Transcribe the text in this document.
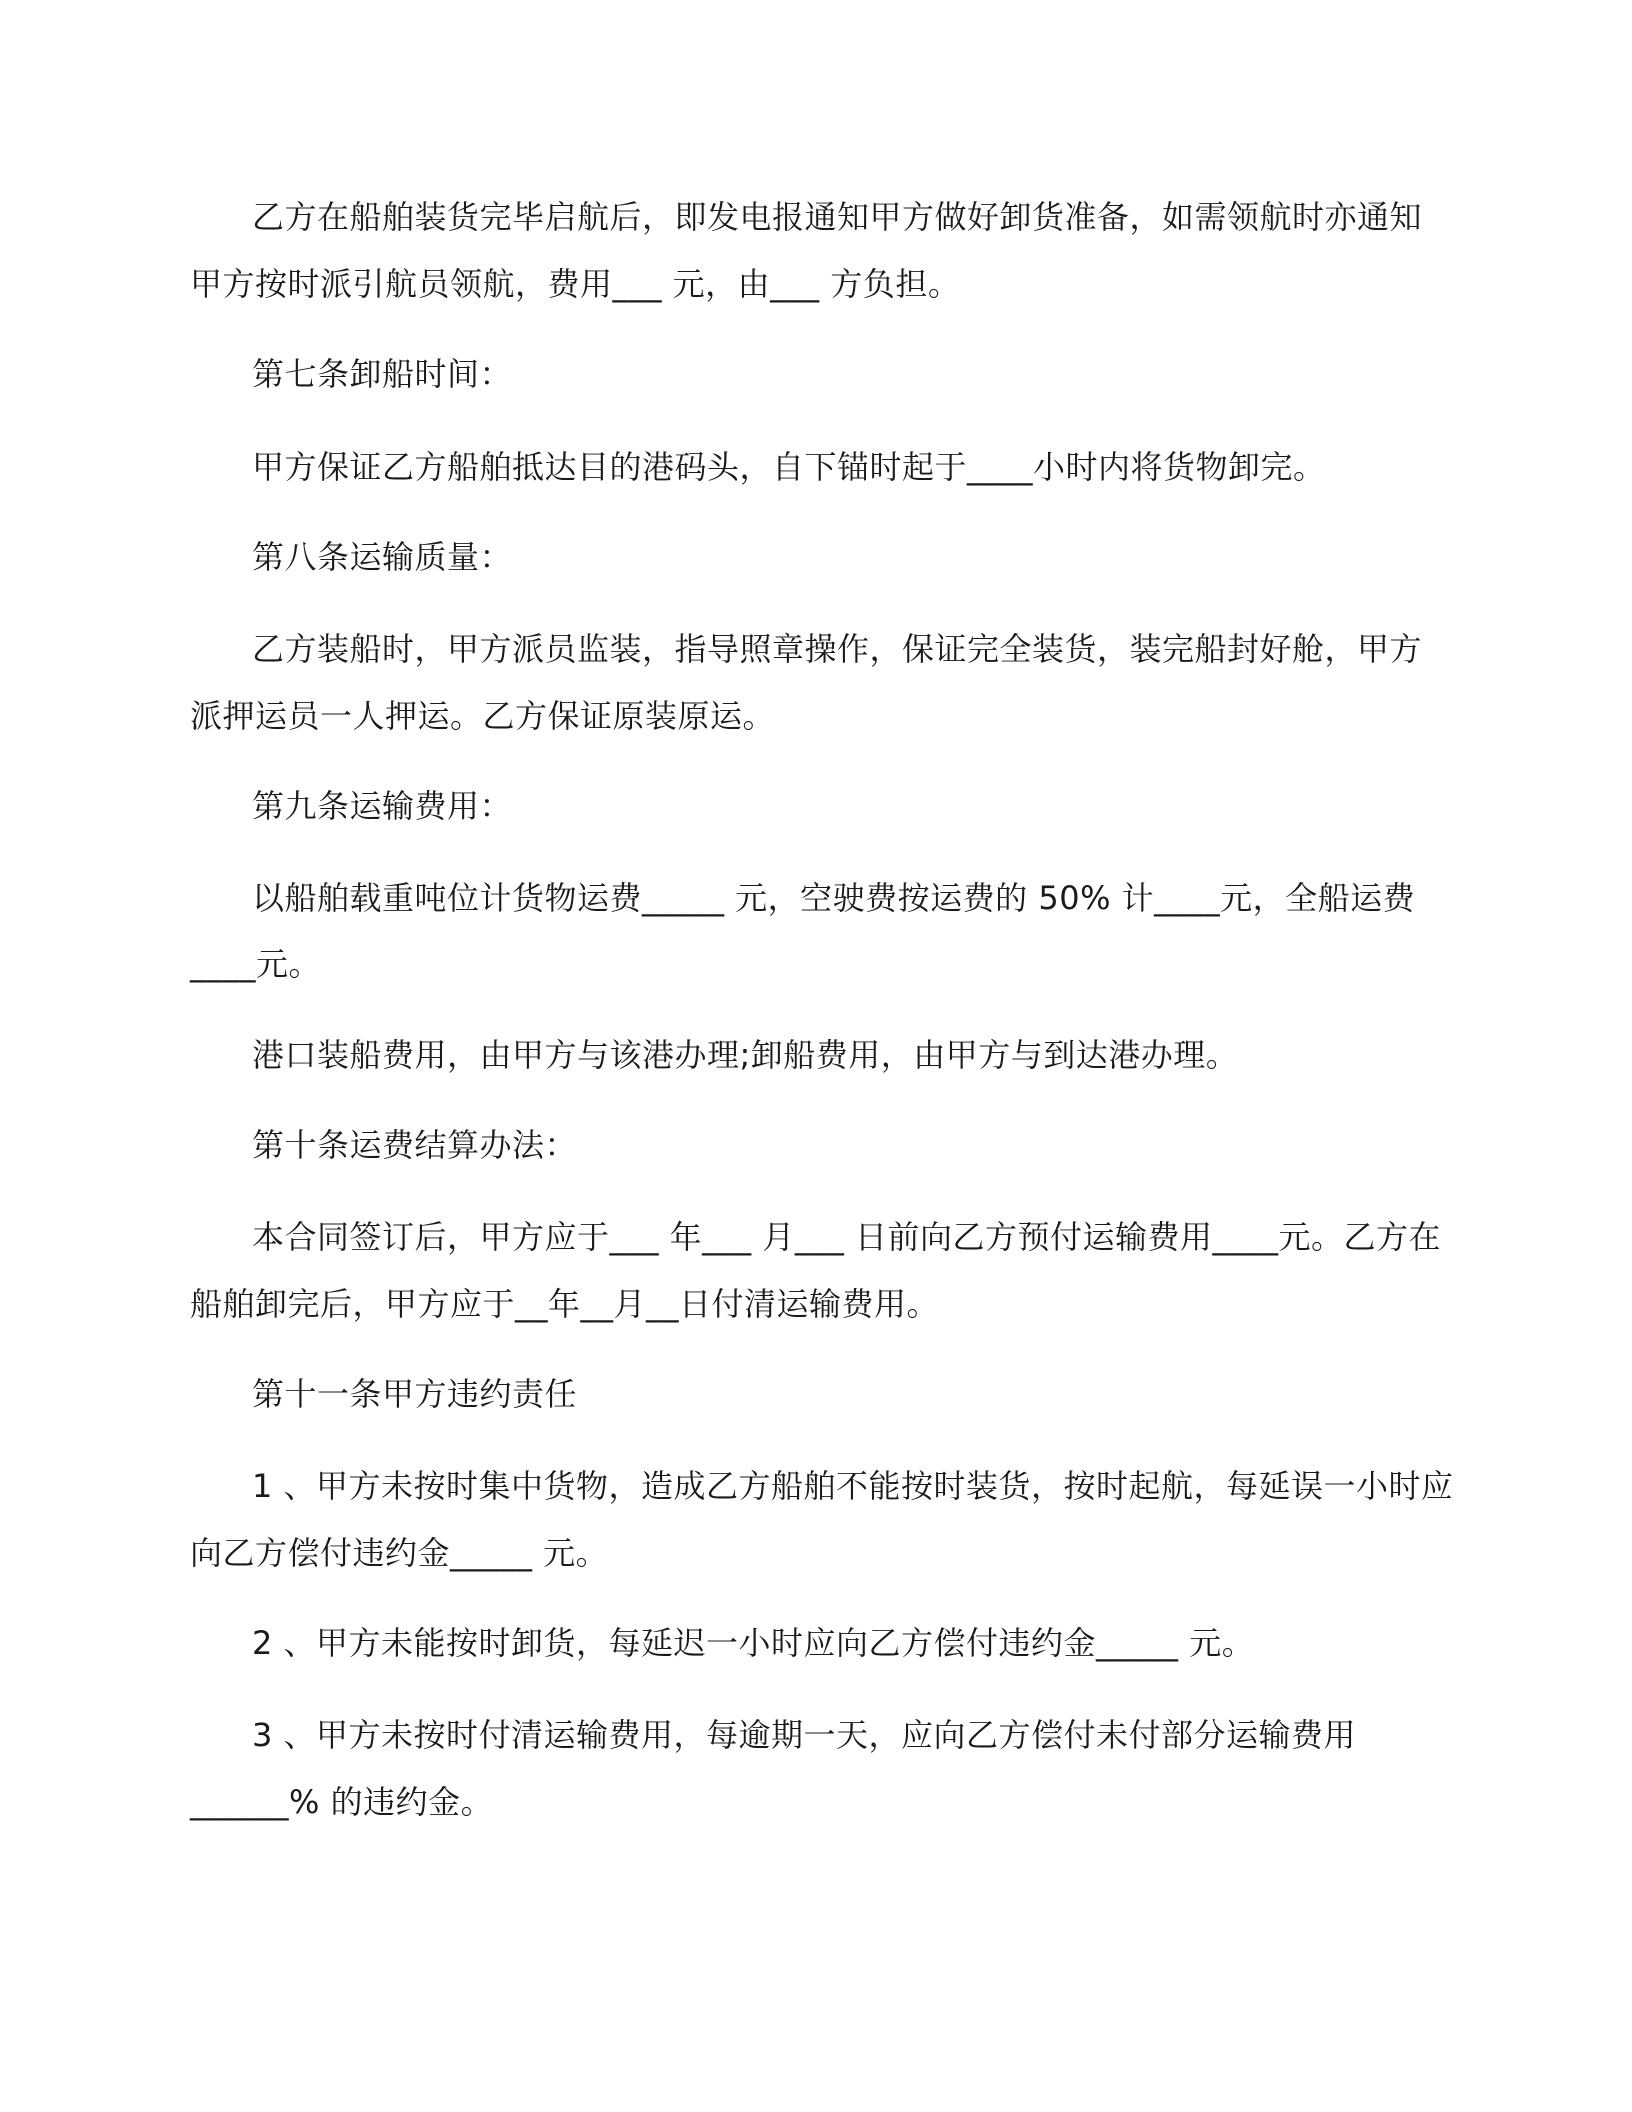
乙方在船舶装货完毕启航后，即发电报通知甲方做好卸货准备，如需领航时亦通知
甲方按时派引航员领航，费用___ 元，由___ 方负担。
第七条卸船时间：
甲方保证乙方船舶抵达目的港码头，自下锚时起于____小时内将货物卸完。
第八条运输质量：
乙方装船时，甲方派员监装，指导照章操作，保证完全装货，装完船封好舱，甲方
派押运员一人押运。乙方保证原装原运。
第九条运输费用：
以船舶载重吨位计货物运费_____ 元，空驶费按运费的 50% 计____元，全船运费
____元。
港口装船费用，由甲方与该港办理;卸船费用，由甲方与到达港办理。
第十条运费结算办法：
本合同签订后，甲方应于___ 年___ 月___ 日前向乙方预付运输费用____元。乙方在
船舶卸完后，甲方应于__年__月__日付清运输费用。
第十一条甲方违约责任
1 、甲方未按时集中货物，造成乙方船舶不能按时装货，按时起航，每延误一小时应
向乙方偿付违约金_____ 元。
2 、甲方未能按时卸货，每延迟一小时应向乙方偿付违约金_____ 元。
3 、甲方未按时付清运输费用，每逾期一天，应向乙方偿付未付部分运输费用
______% 的违约金。
